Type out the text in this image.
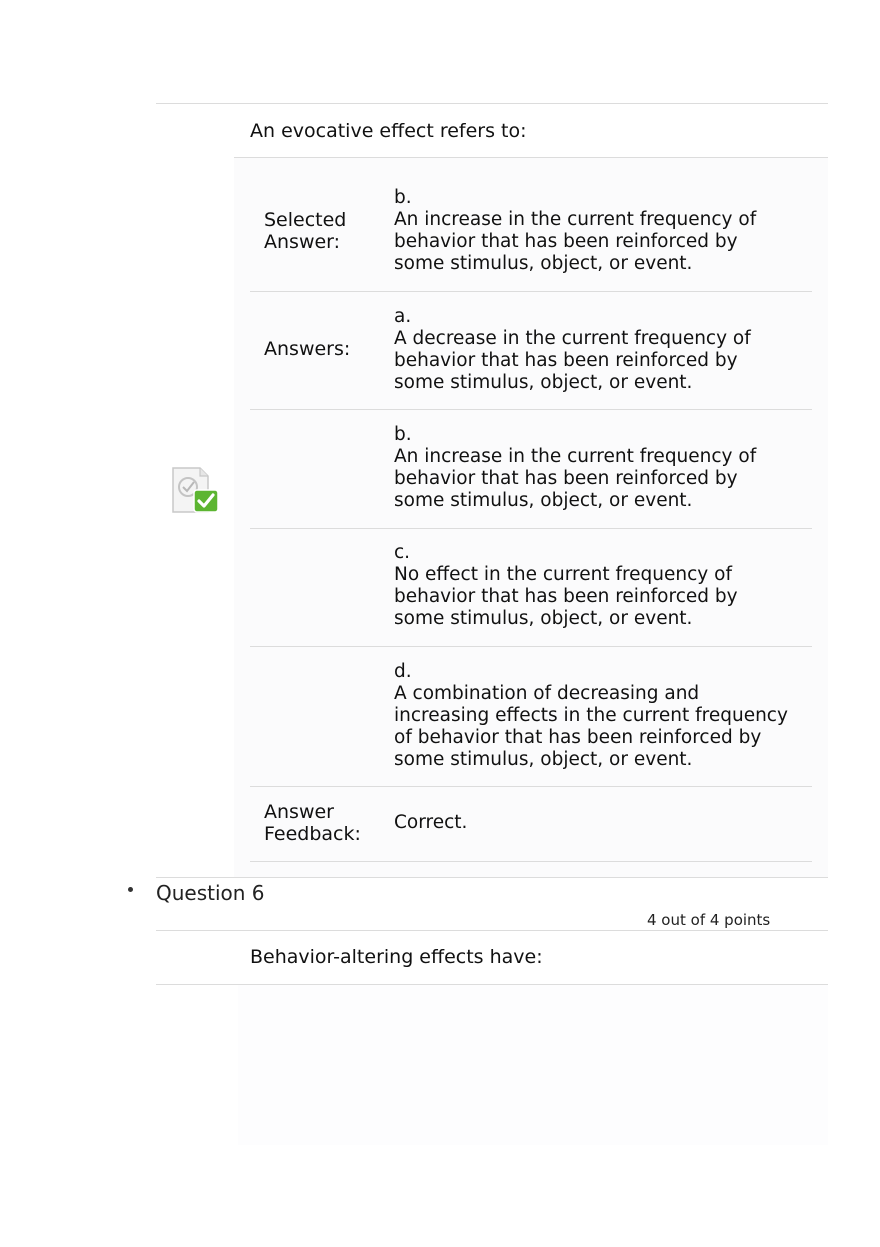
An evocative effect refers to:
Selected
Answer:
b.
An increase in the current frequency of
behavior that has been reinforced by
some stimulus, object, or event.
Answers:
a.
A decrease in the current frequency of
behavior that has been reinforced by
some stimulus, object, or event.
b.
An increase in the current frequency of
behavior that has been reinforced by
some stimulus, object, or event.
c.
No effect in the current frequency of
behavior that has been reinforced by
some stimulus, object, or event.
d.
A combination of decreasing and
increasing effects in the current frequency
of behavior that has been reinforced by
some stimulus, object, or event.
Answer
Feedback:
Correct.
Question 6
4 out of 4 points
Behavior-altering effects have:
